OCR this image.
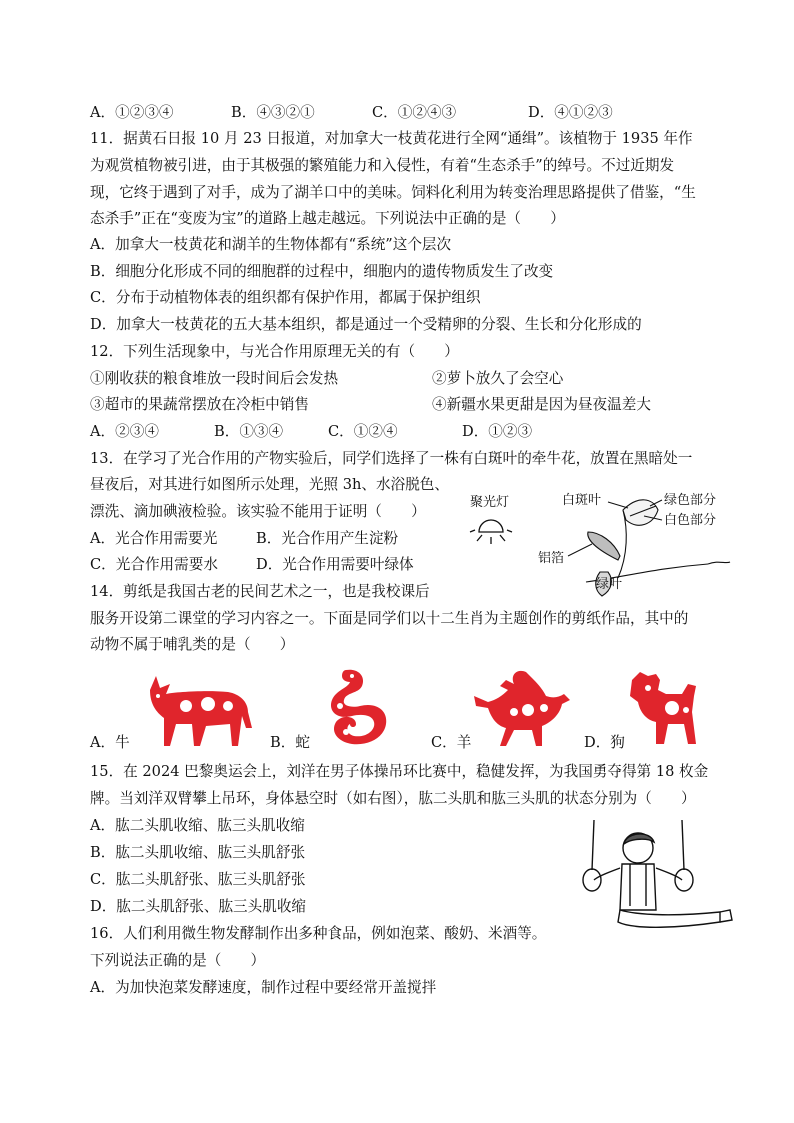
A．①②③④	B．④③②①	C．①②④③	D．④①②③
11．据黄石日报 10 月 23 日报道，对加拿大一枝黄花进行全网“通缉”。该植物于 1935 年作
为观赏植物被引进，由于其极强的繁殖能力和入侵性，有着“生态杀手”的绰号。不过近期发
现，它终于遇到了对手，成为了湖羊口中的美味。饲料化利用为转变治理思路提供了借鉴，“生
态杀手”正在“变废为宝”的道路上越走越远。下列说法中正确的是（　　）
A．加拿大一枝黄花和湖羊的生物体都有“系统”这个层次
B．细胞分化形成不同的细胞群的过程中，细胞内的遗传物质发生了改变
C．分布于动植物体表的组织都有保护作用，都属于保护组织
D．加拿大一枝黄花的五大基本组织，都是通过一个受精卵的分裂、生长和分化形成的
12．下列生活现象中，与光合作用原理无关的有（　　）
①刚收获的粮食堆放一段时间后会发热	②萝卜放久了会空心
③超市的果蔬常摆放在冷柜中销售	④新疆水果更甜是因为昼夜温差大
A．②③④	B．①③④	C．①②④	D．①②③
13．在学习了光合作用的产物实验后，同学们选择了一株有白斑叶的牵牛花，放置在黑暗处一
昼夜后，对其进行如图所示处理，光照 3h、水浴脱色、
漂洗、滴加碘液检验。该实验不能用于证明（　　）
A．光合作用需要光	B．光合作用产生淀粉
C．光合作用需要水	D．光合作用需要叶绿体
聚光灯	白斑叶	绿色部分
白色部分
铝箔
绿叶
14．剪纸是我国古老的民间艺术之一，也是我校课后
服务开设第二课堂的学习内容之一。下面是同学们以十二生肖为主题创作的剪纸作品，其中的
动物不属于哺乳类的是（　　）
A．牛	B．蛇	C．羊	D．狗
15．在 2024 巴黎奥运会上，刘洋在男子体操吊环比赛中，稳健发挥，为我国勇夺得第 18 枚金
牌。当刘洋双臂攀上吊环，身体悬空时（如右图），肱二头肌和肱三头肌的状态分别为（　　）
A．肱二头肌收缩、肱三头肌收缩
B．肱二头肌收缩、肱三头肌舒张
C．肱二头肌舒张、肱三头肌舒张
D．肱二头肌舒张、肱三头肌收缩
16．人们利用微生物发酵制作出多种食品，例如泡菜、酸奶、米酒等。
下列说法正确的是（　　）
A．为加快泡菜发酵速度，制作过程中要经常开盖搅拌
